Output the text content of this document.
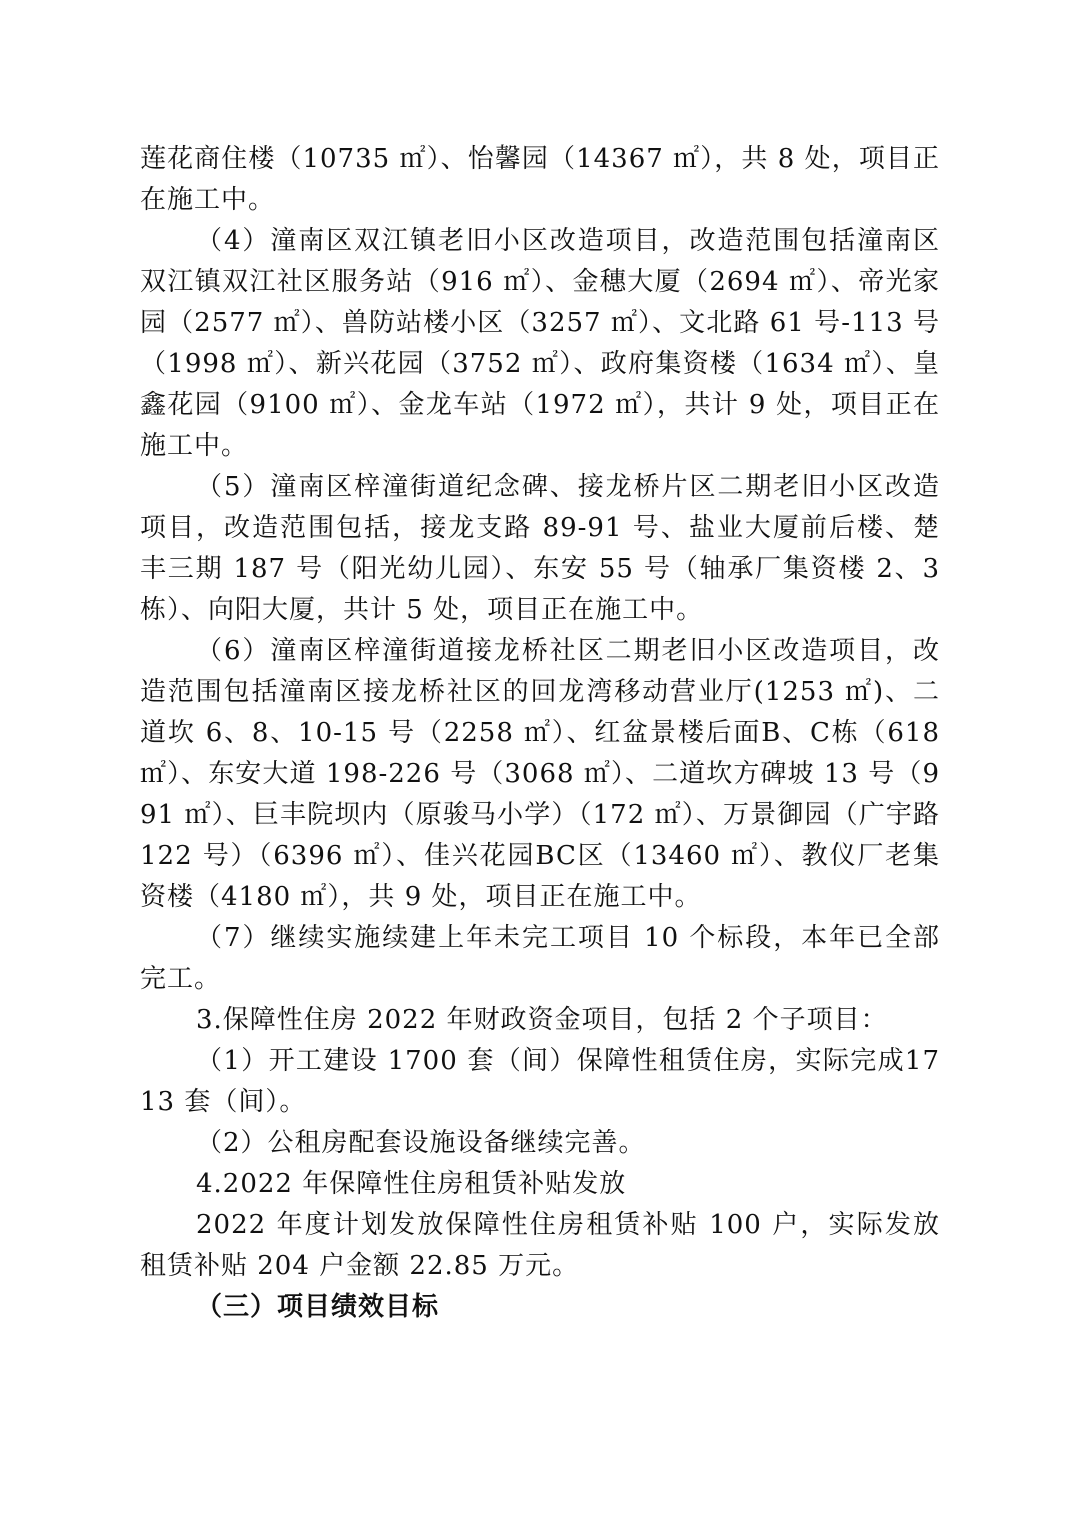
莲花商住楼（10735 ㎡）、怡馨园（14367 ㎡），共 8 处，项目正在施工中。

（4）潼南区双江镇老旧小区改造项目，改造范围包括潼南区双江镇双江社区服务站（916 ㎡）、金穗大厦（2694 ㎡）、帝光家园（2577 ㎡）、兽防站楼小区（3257 ㎡）、文北路 61 号-113 号（1998 ㎡）、新兴花园（3752 ㎡）、政府集资楼（1634 ㎡）、皇鑫花园（9100 ㎡）、金龙车站（1972 ㎡），共计 9 处，项目正在施工中。

（5）潼南区梓潼街道纪念碑、接龙桥片区二期老旧小区改造项目，改造范围包括，接龙支路 89-91 号、盐业大厦前后楼、楚丰三期 187 号（阳光幼儿园）、东安 55 号（轴承厂集资楼 2、3 栋）、向阳大厦，共计 5 处，项目正在施工中。

（6）潼南区梓潼街道接龙桥社区二期老旧小区改造项目，改造范围包括潼南区接龙桥社区的回龙湾移动营业厅(1253 ㎡)、二道坎 6、8、10-15 号（2258 ㎡）、红盆景楼后面B、C栋（618 ㎡）、东安大道 198-226 号（3068 ㎡）、二道坎方碑坡 13 号（991 ㎡）、巨丰院坝内（原骏马小学）（172 ㎡）、万景御园（广宇路 122 号）（6396 ㎡）、佳兴花园BC区（13460 ㎡）、教仪厂老集资楼（4180 ㎡），共 9 处，项目正在施工中。

（7）继续实施续建上年未完工项目 10 个标段，本年已全部完工。

3.保障性住房 2022 年财政资金项目，包括 2 个子项目：

（1）开工建设 1700 套（间）保障性租赁住房，实际完成1713 套（间）。

（2）公租房配套设施设备继续完善。

4.2022 年保障性住房租赁补贴发放

2022 年度计划发放保障性住房租赁补贴 100 户，实际发放租赁补贴 204 户金额 22.85 万元。

（三）项目绩效目标
